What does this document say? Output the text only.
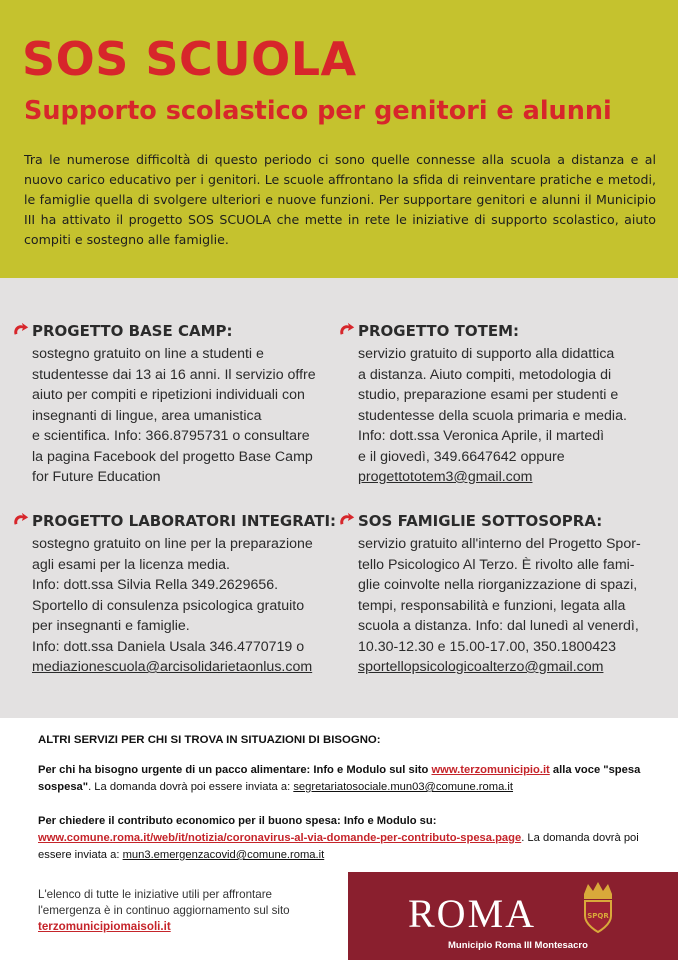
SOS SCUOLA
Supporto scolastico per genitori e alunni
Tra le numerose difficoltà di questo periodo ci sono quelle connesse alla scuola a distanza e al nuovo carico educativo per i genitori. Le scuole affrontano la sfida di reinventare pratiche e metodi, le famiglie quella di svolgere ulteriori e nuove funzioni. Per supportare genitori e alunni il Municipio III ha attivato il progetto SOS SCUOLA che mette in rete le iniziative di supporto scolastico, aiuto compiti e sostegno alle famiglie.
PROGETTO BASE CAMP:
sostegno gratuito on line a studenti e
studentesse dai 13 ai 16 anni. Il servizio offre
aiuto per compiti e ripetizioni individuali con
insegnanti di lingue, area umanistica
e scientifica. Info: 366.8795731 o consultare
la pagina Facebook del progetto Base Camp
for Future Education
PROGETTO TOTEM:
servizio gratuito di supporto alla didattica
a distanza. Aiuto compiti, metodologia di
studio, preparazione esami per studenti e
studentesse della scuola primaria e media.
Info: dott.ssa Veronica Aprile, il martedì
e il giovedì, 349.6647642 oppure
progettototem3@gmail.com
PROGETTO LABORATORI INTEGRATI:
sostegno gratuito on line per la preparazione
agli esami per la licenza media.
Info: dott.ssa Silvia Rella 349.2629656.
Sportello di consulenza psicologica gratuito
per insegnanti e famiglie.
Info: dott.ssa Daniela Usala 346.4770719 o
mediazionescuola@arcisolidarietaonlus.com
SOS FAMIGLIE SOTTOSOPRA:
servizio gratuito all'interno del Progetto Spor-
tello Psicologico Al Terzo. È rivolto alle fami-
glie coinvolte nella riorganizzazione di spazi,
tempi, responsabilità e funzioni, legata alla
scuola a distanza. Info: dal lunedì al venerdì,
10.30-12.30 e 15.00-17.00, 350.1800423
sportellopsicologicoalterzo@gmail.com
ALTRI SERVIZI PER CHI SI TROVA IN SITUAZIONI DI BISOGNO:

Per chi ha bisogno urgente di un pacco alimentare: Info e Modulo sul sito www.terzomunicipio.it alla voce "spesa sospesa". La domanda dovrà poi essere inviata a: segretariatosociale.mun03@comune.roma.it

Per chiedere il contributo economico per il buono spesa: Info e Modulo su: www.comune.roma.it/web/it/notizia/coronavirus-al-via-domande-per-contributo-spesa.page. La domanda dovrà poi essere inviata a: mun3.emergenzacovid@comune.roma.it

L'elenco di tutte le iniziative utili per affrontare
l'emergenza è in continuo aggiornamento sul sito
terzomunicipiomaisoli.it	ROMA	SPQR
Municipio Roma III Montesacro
